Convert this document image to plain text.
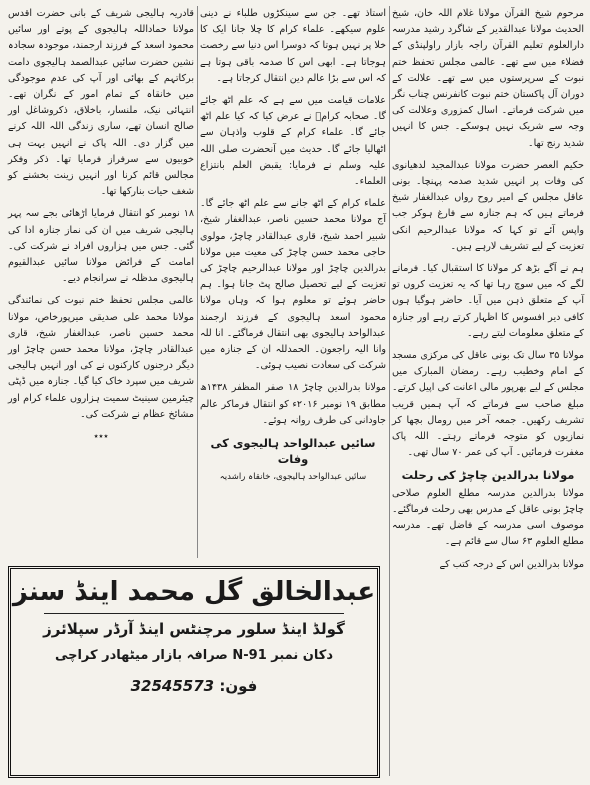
مرحوم شیخ القرآن مولانا غلام اللہ خان، شیخ الحدیث مولانا عبدالقدیر کے شاگرد رشید مدرسہ دارالعلوم تعلیم القرآن راجہ بازار راولپنڈی کے فضلاء میں سے تھے۔ عالمی مجلس تحفظ ختم نبوت کے سرپرستوں میں سے تھے۔ علالت کے دوران آل پاکستان ختم نبوت کانفرنس چناب نگر میں شرکت فرماتے۔ اسال کمزوری وعلالت کی وجہ سے شریک نہیں ہوسکے۔ جس کا انہیں شدید رنج تھا۔

حکیم العصر حضرت مولانا عبدالمجید لدھیانوی کی وفات پر انہیں شدید صدمہ پہنچا۔ بونی عاقل مجلس کے امیر روح رواں عبدالغفار شیخ فرماتے ہیں کہ ہم جنازہ سے فارغ ہوکر جب واپس آئے تو کہا کہ مولانا عبدالرحیم انکی تعزیت کے لیے تشریف لارہے ہیں۔

ہم نے آگے بڑھ کر مولانا کا استقبال کیا۔ فرمانے لگے کہ میں سوچ رہا تھا کہ یہ تعزیت کروں تو آپ کے متعلق ذہن میں آیا۔ حاضر ہوگیا ہوں کافی دیر افسوس کا اظہار کرتے رہے اور جنازہ کے متعلق معلومات لیتے رہے۔

مولانا ۳۵ سال تک بونی عاقل کی مرکزی مسجد کے امام وخطیب رہے۔ رمضان المبارک میں مجلس کے لیے بھرپور مالی اعانت کی اپیل کرتے۔ مبلغ صاحب سے فرماتے کہ آپ ہمیں قریب تشریف رکھیں۔ جمعہ آخر میں رومال بچھا کر نمازیوں کو متوجہ فرماتے رہتے۔ اللہ پاک مغفرت فرمائیں۔ آپ کی عمر ۷۰ سال تھی۔

مولانا بدرالدین چاچڑ کی رحلت

مولانا بدرالدین مدرسہ مطلع العلوم صلاحی چاچڑ بونی عاقل کے مدرس بھی رحلت فرماگئے۔ موصوف اسی مدرسہ کے فاضل تھے۔ مدرسہ مطلع العلوم ۶۳ سال سے قائم ہے۔

مولانا بدرالدین اس کے درجہ کتب کے

استاذ تھے۔ جن سے سینکڑوں طلباء نے دینی علوم سیکھے۔ علماء کرام کا چلا جانا ایک کا خلا پر نہیں ہوتا کہ دوسرا اس دنیا سے رخصت ہوجاتا ہے۔ ابھی اس کا صدمہ باقی ہوتا ہے کہ اس سے بڑا عالم دین انتقال کرجاتا ہے۔

علامات قیامت میں سے ہے کہ علم اٹھ جائے گا۔ صحابہ کرامؓ نے عرض کیا کہ کیا علم اٹھ جائے گا۔ علماء کرام کے قلوب واذہان سے اٹھالیا جائے گا۔ حدیث میں آنحضرت صلی اللہ علیہ وسلم نے فرمایا: یقبض العلم بانتزاع العلماء۔

علماء کرام کے اٹھ جانے سے علم اٹھ جائے گا۔ آج مولانا محمد حسین ناصر، عبدالغفار شیخ، شبیر احمد شیخ، قاری عبدالقادر چاچڑ، مولوی حاجی محمد حسن چاچڑ کی معیت میں مولانا بدرالدین چاچڑ اور مولانا عبدالرحیم چاچڑ کی تعزیت کے لیے تحصیل صالح پٹ جانا ہوا۔ ہم حاضر ہوئے تو معلوم ہوا کہ وہاں مولانا محمود اسعد ہالیجوی کے فرزند ارجمند عبدالواحد ہالیجوی بھی انتقال فرماگئے۔ انا للہ وانا الیہ راجعون۔ الحمدللہ ان کے جنازہ میں شرکت کی سعادت نصیب ہوئی۔

مولانا بدرالدین چاچڑ ۱۸ صفر المظفر ۱۴۳۸ھ مطابق ۱۹ نومبر ۲۰۱۶ء کو انتقال فرماکر عالم جاودانی کی طرف روانہ ہوئے۔

سائیں عبدالواحد ہالیجوی کی وفات
سائیں عبدالواحد ہالیجوی، خانقاہ راشدیہ

قادریہ ہالیجی شریف کے بانی حضرت اقدس مولانا حماداللہ ہالیجوی کے پوتے اور سائیں محمود اسعد کے فرزند ارجمند، موجودہ سجادہ نشین حضرت سائیں عبدالصمد ہالیجوی دامت برکاتہم کے بھائی اور آپ کی عدم موجودگی میں خانقاہ کے تمام امور کے نگران تھے۔ انتہائی نیک، ملنسار، باخلاق، ذکروشاغل اور صالح انسان تھے، ساری زندگی اللہ اللہ کرنے میں گزار دی۔ اللہ پاک نے انہیں بہت ہی خوبیوں سے سرفراز فرمایا تھا۔ ذکر وفکر مجالس قائم کرنا اور انہیں زینت بخشنے کو شغف حیات بنارکھا تھا۔

۱۸ نومبر کو انتقال فرمایا اڑھائی بجے سہ پہر ہالیجی شریف میں ان کی نماز جنازہ ادا کی گئی۔ جس میں ہزاروں افراد نے شرکت کی۔ امامت کے فرائض مولانا سائیں عبدالقیوم ہالیجوی مدظلہ نے سرانجام دیے۔

عالمی مجلس تحفظ ختم نبوت کی نمائندگی مولانا محمد علی صدیقی میرپورخاص، مولانا محمد حسین ناصر، عبدالغفار شیخ، قاری عبدالقادر چاچڑ، مولانا محمد حسن چاچڑ اور دیگر درجنوں کارکنوں نے کی اور انہیں ہالیجی شریف میں سپرد خاک کیا گیا۔ جنازہ میں ڈپٹی چیئرمین سینیٹ سمیت ہزاروں علماء کرام اور مشائخ عظام نے شرکت کی۔

٭٭٭
عبدالخالق گل محمد اینڈ سنز
گولڈ اینڈ سلور مرچنٹس اینڈ آرڈر سپلائرز
دکان نمبر N-91 صرافہ بازار میٹھادر کراچی
فون: 32545573
